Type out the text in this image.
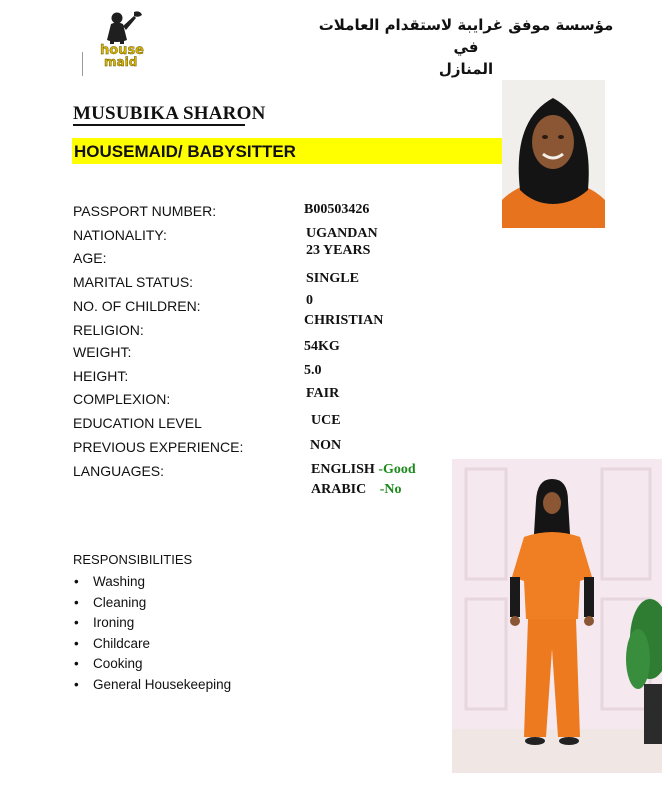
house
maid
مؤسسة موفق غرايبة لاستقدام العاملات في
المنازل
MUSUBIKA SHARON
HOUSEMAID/ BABYSITTER
PASSPORT NUMBER:	B00503426
NATIONALITY:	UGANDAN
AGE:	23 YEARS
MARITAL STATUS:	SINGLE
NO. OF CHILDREN:	0
RELIGION:
CHRISTIAN
WEIGHT:	54KG
HEIGHT:	5.0
COMPLEXION:	FAIR
EDUCATION LEVEL	UCE
PREVIOUS EXPERIENCE:	NON
LANGUAGES:	ENGLISH -Good
ARABIC -No
RESPONSIBILITIES
• Washing
• Cleaning
• Ironing
• Childcare
• Cooking
• General Housekeeping
